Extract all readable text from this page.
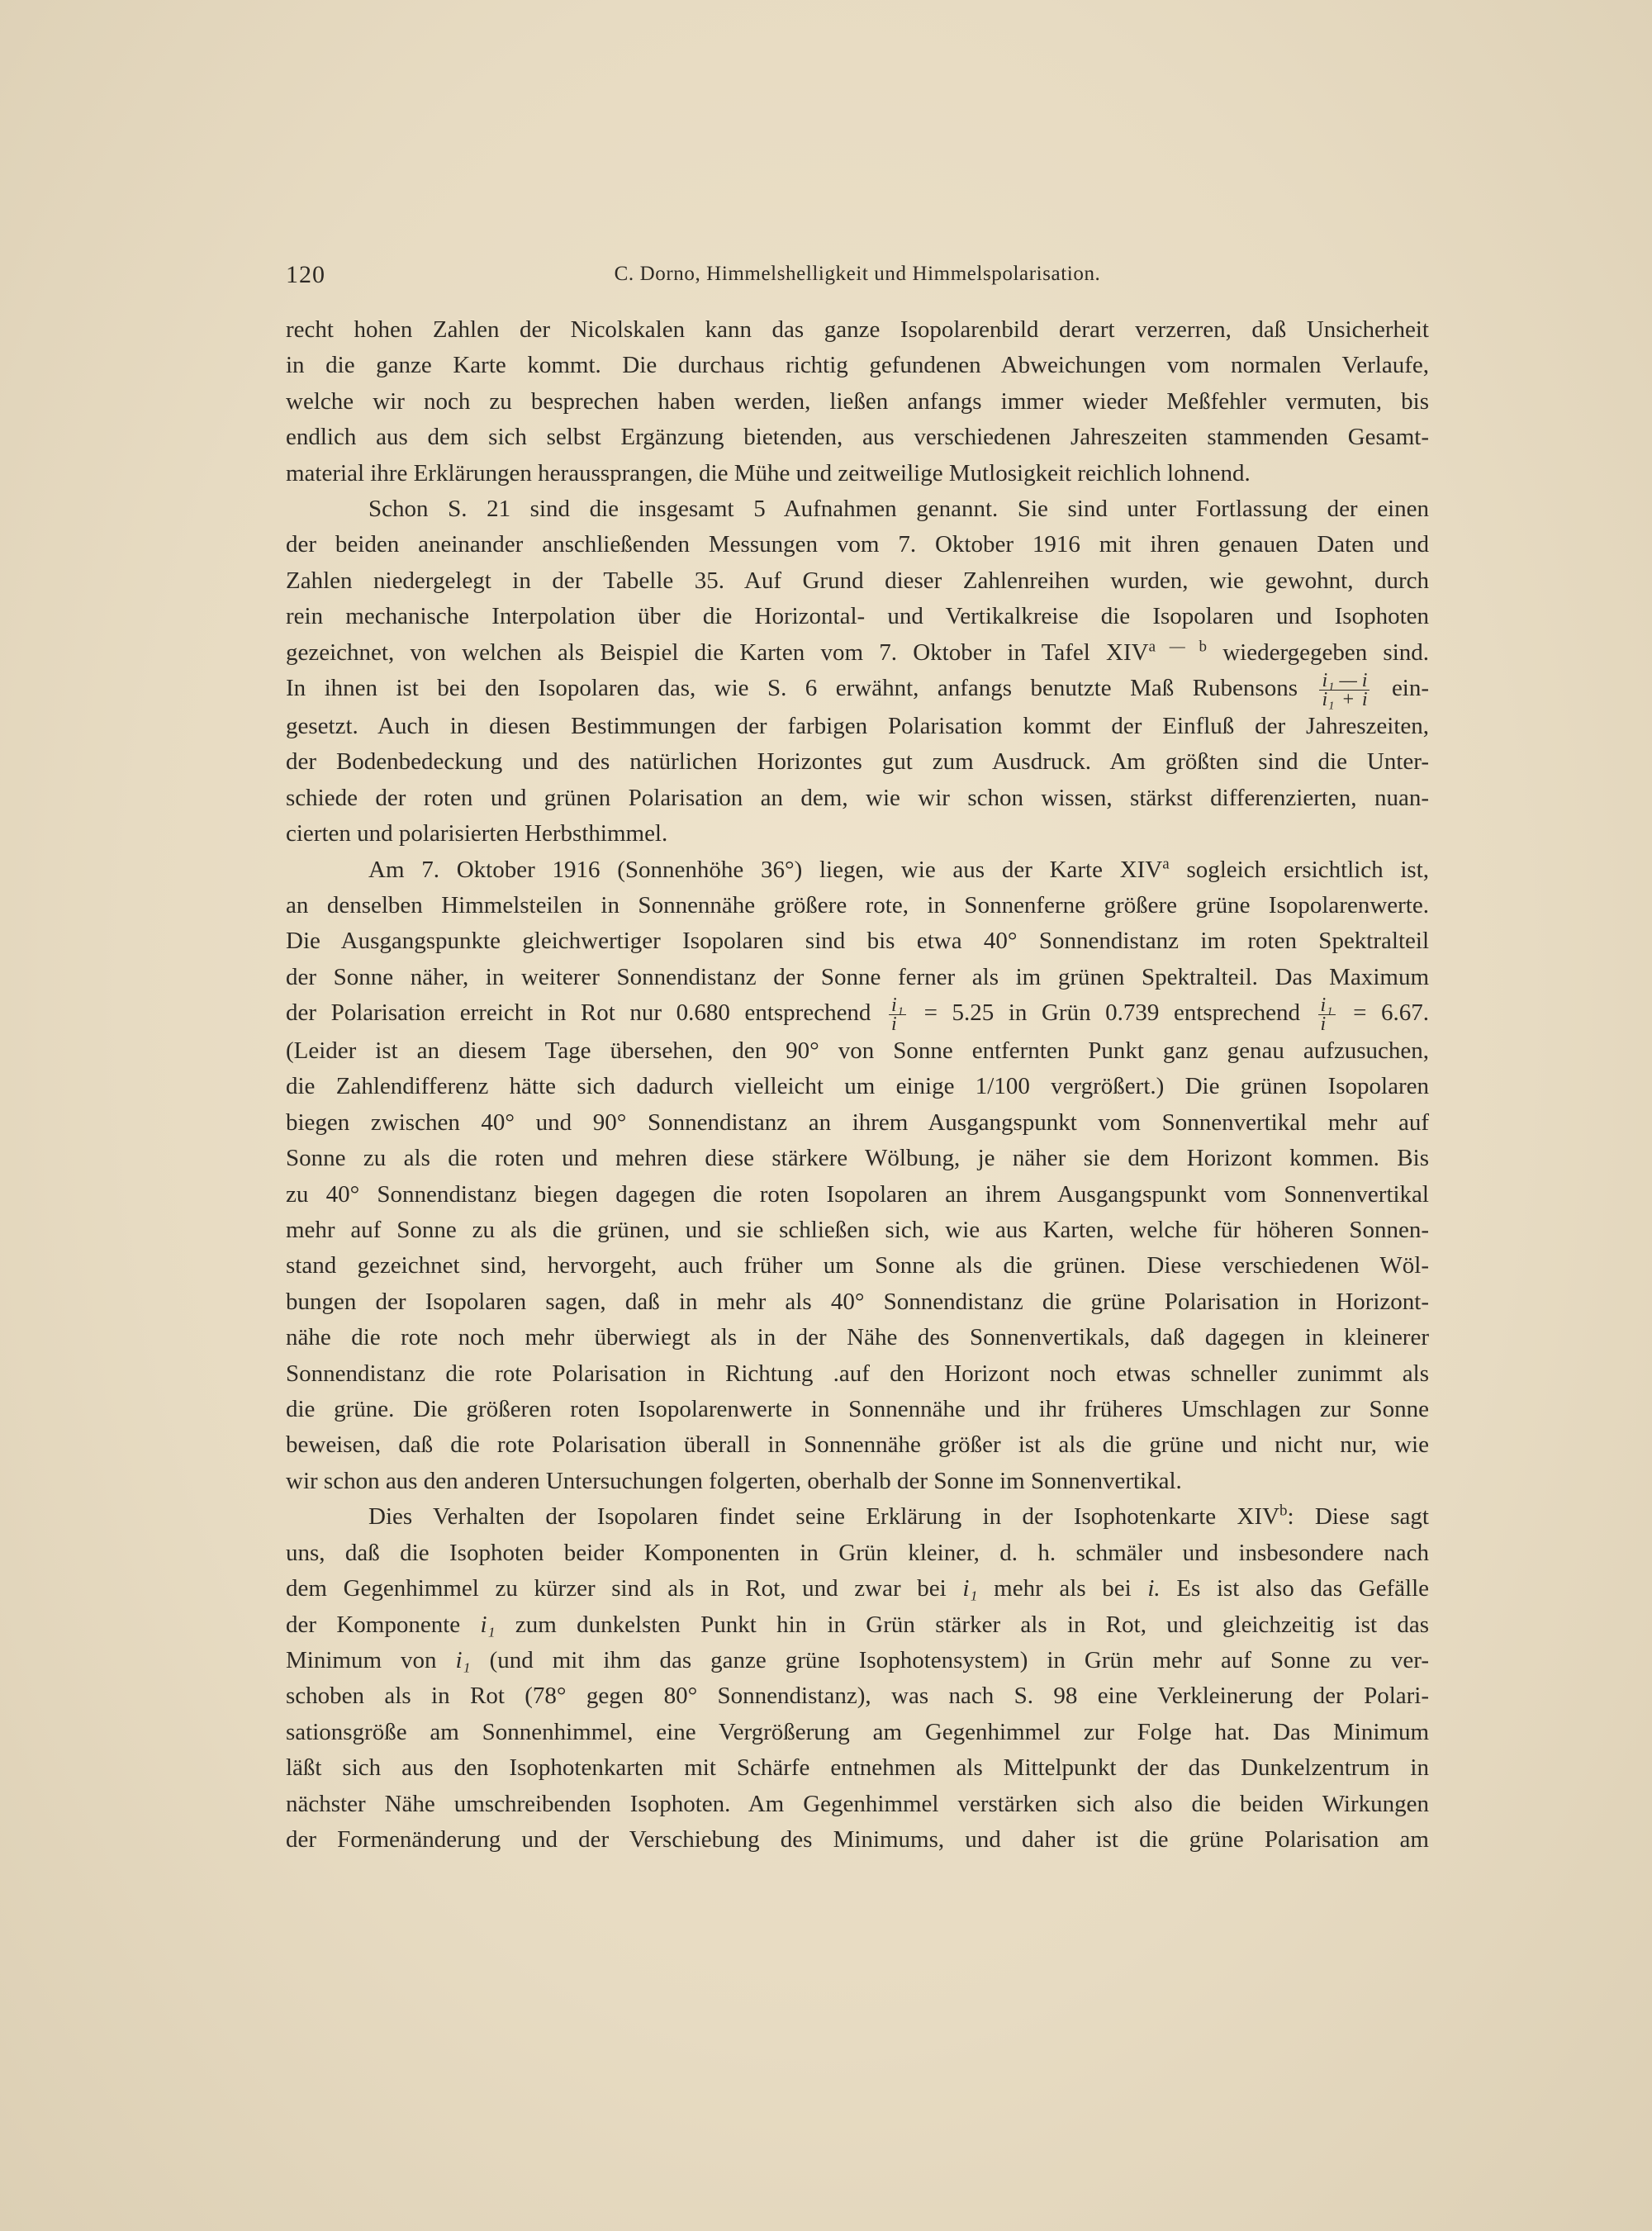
120	C. Dorno, Himmelshelligkeit und Himmelspolarisation.

recht hohen Zahlen der Nicolskalen kann das ganze Isopolarenbild derart verzerren, daß Unsicherheit
in die ganze Karte kommt. Die durchaus richtig gefundenen Abweichungen vom normalen Verlaufe,
welche wir noch zu besprechen haben werden, ließen anfangs immer wieder Meßfehler vermuten, bis
endlich aus dem sich selbst Ergänzung bietenden, aus verschiedenen Jahreszeiten stammenden Gesamt-
material ihre Erklärungen heraussprangen, die Mühe und zeitweilige Mutlosigkeit reichlich lohnend.

Schon S. 21 sind die insgesamt 5 Aufnahmen genannt. Sie sind unter Fortlassung der einen
der beiden aneinander anschließenden Messungen vom 7. Oktober 1916 mit ihren genauen Daten und
Zahlen niedergelegt in der Tabelle 35. Auf Grund dieser Zahlenreihen wurden, wie gewohnt, durch
rein mechanische Interpolation über die Horizontal- und Vertikalkreise die Isopolaren und Isophoten
gezeichnet, von welchen als Beispiel die Karten vom 7. Oktober in Tafel $XIV^{a — b}$ wiedergegeben sind.
In ihnen ist bei den Isopolaren das, wie S. 6 erwähnt, anfangs benutzte Maß Rubensons $\frac{\text{i₁ — i}}{\text{i₁ + i}} ein-$
gesetzt. Auch in diesen Bestimmungen der farbigen Polarisation kommt der Einfluß der Jahreszeiten,
der Bodenbedeckung und des natürlichen Horizontes gut zum Ausdruck. Am größten sind die Unter-
schiede der roten und grünen Polarisation an dem, wie wir schon wissen, stärkst differenzierten, nuan-
cierten und polarisierten Herbsthimmel.

Am 7. Oktober 1916 (Sonnenhöhe 36°) liegen, wie aus der Karte XIV$^a$ sogleich ersichtlich ist,
an denselben Himmelsteilen in Sonnennähe größere rote, in Sonnenferne größere grüne Isopolarenwerte.
Die Ausgangspunkte gleichwertiger Isopolaren sind bis etwa 40° Sonnendistanz im roten Spektralteil
der Sonne näher, in weiterer Sonnendistanz der Sonne ferner als im grünen Spektralteil. Das Maximum
der Polarisation erreicht in Rot nur 0.680 entsprechend $\frac{\text{i₁}}{i} = 5.25$ in Grün 0.739 entsprechend $\frac{\text{i₁}}{i} = 6.67$.
(Leider ist an diesem Tage übersehen, den 90° von Sonne entfernten Punkt ganz genau aufzusuchen,
die Zahlendifferenz hätte sich dadurch vielleicht um einige 1/100 vergrößert.) Die grünen Isopolaren
biegen zwischen 40° und 90° Sonnendistanz an ihrem Ausgangspunkt vom Sonnenvertikal mehr auf
Sonne zu als die roten und mehren diese stärkere Wölbung, je näher sie dem Horizont kommen. Bis
zu 40° Sonnendistanz biegen dagegen die roten Isopolaren an ihrem Ausgangspunkt vom Sonnenvertikal
mehr auf Sonne zu als die grünen, und sie schließen sich, wie aus Karten, welche für höheren Sonnen-
stand gezeichnet sind, hervorgeht, auch früher um Sonne als die grünen. Diese verschiedenen Wöl-
bungen der Isopolaren sagen, daß in mehr als 40° Sonnendistanz die grüne Polarisation in Horizont-
nähe die rote noch mehr überwiegt als in der Nähe des Sonnenvertikals, daß dagegen in kleinerer
Sonnendistanz die rote Polarisation in Richtung .auf den Horizont noch etwas schneller zunimmt als
die grüne. Die größeren roten Isopolarenwerte in Sonnennähe und ihr früheres Umschlagen zur Sonne
beweisen, daß die rote Polarisation überall in Sonnennähe größer ist als die grüne und nicht nur, wie
wir schon aus den anderen Untersuchungen folgerten, oberhalb der Sonne im Sonnenvertikal.

Dies Verhalten der Isopolaren findet seine Erklärung in der Isophotenkarte XIV$^b$: Diese sagt
uns, daß die Isophoten beider Komponenten in Grün kleiner, d. h. schmäler und insbesondere nach
dem Gegenhimmel zu kürzer sind als in Rot, und zwar bei i₁ mehr als bei i. Es ist also das Gefälle
der Komponente i₁ zum dunkelsten Punkt hin in Grün stärker als in Rot, und gleichzeitig ist das
Minimum von i₁ (und mit ihm das ganze grüne Isophotensystem) in Grün mehr auf Sonne zu ver-
schoben als in Rot (78° gegen 80° Sonnendistanz), was nach S. 98 eine Verkleinerung der Polari-
sationsgröße am Sonnenhimmel, eine Vergrößerung am Gegenhimmel zur Folge hat. Das Minimum
läßt sich aus den Isophotenkarten mit Schärfe entnehmen als Mittelpunkt der das Dunkelzentrum in
nächster Nähe umschreibenden Isophoten. Am Gegenhimmel verstärken sich also die beiden Wirkungen
der Formenänderung und der Verschiebung des Minimums, und daher ist die grüne Polarisation am
